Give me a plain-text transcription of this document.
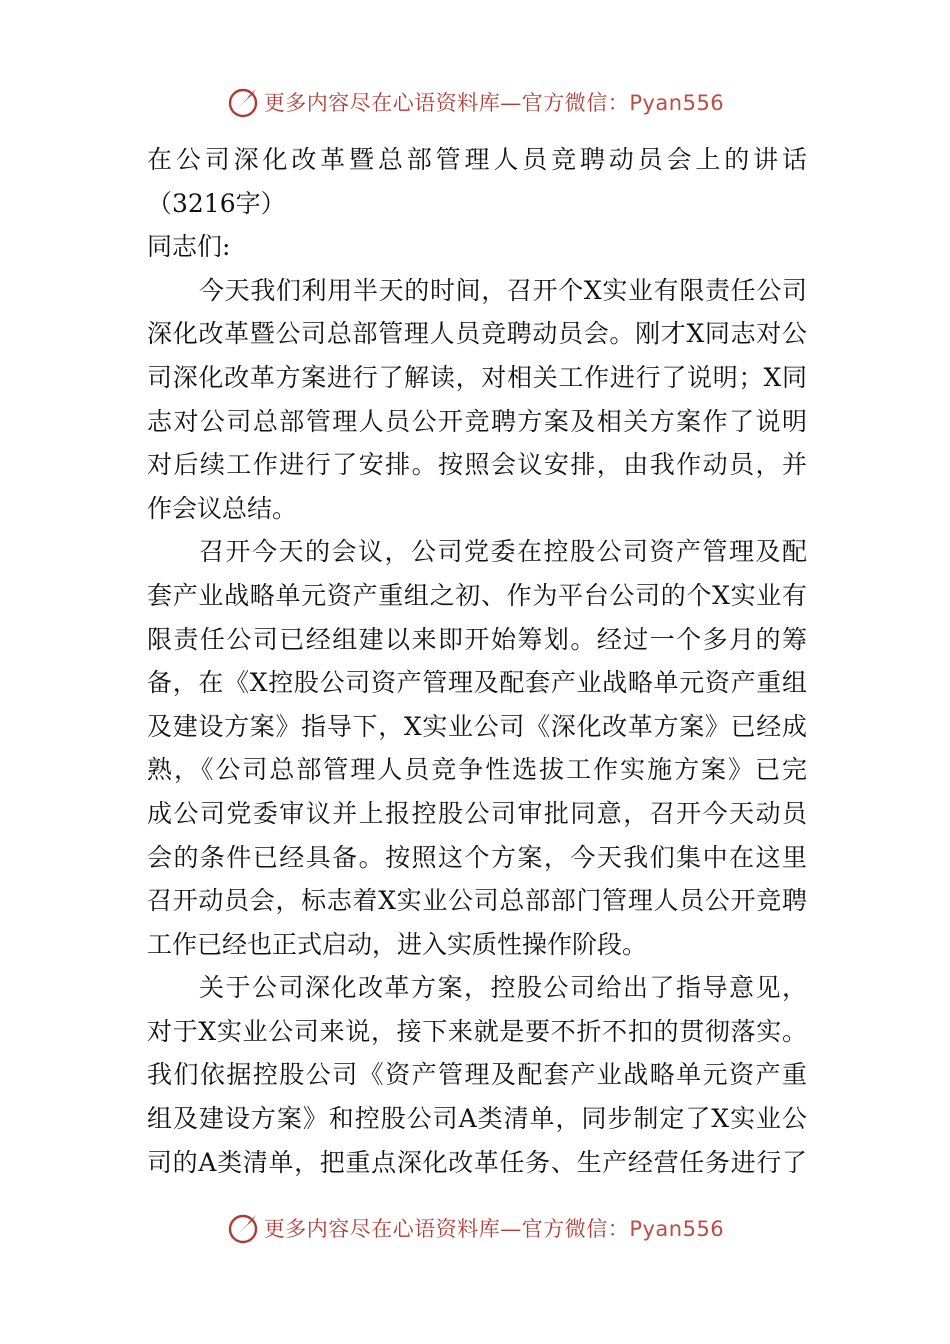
更多内容尽在心语资料库—官方微信：Pyan556
在公司深化改革暨总部管理人员竞聘动员会上的讲话
（3216字）
同志们:
今天我们利用半天的时间，召开个X实业有限责任公司
深化改革暨公司总部管理人员竞聘动员会。刚才X同志对公
司深化改革方案进行了解读，对相关工作进行了说明；X同
志对公司总部管理人员公开竞聘方案及相关方案作了说明
对后续工作进行了安排。按照会议安排，由我作动员，并
作会议总结。
召开今天的会议，公司党委在控股公司资产管理及配
套产业战略单元资产重组之初、作为平台公司的个X实业有
限责任公司已经组建以来即开始筹划。经过一个多月的筹
备，在《X控股公司资产管理及配套产业战略单元资产重组
及建设方案》指导下，X实业公司《深化改革方案》已经成
熟，《公司总部管理人员竞争性选拔工作实施方案》已完
成公司党委审议并上报控股公司审批同意，召开今天动员
会的条件已经具备。按照这个方案，今天我们集中在这里
召开动员会，标志着X实业公司总部部门管理人员公开竞聘
工作已经也正式启动，进入实质性操作阶段。
关于公司深化改革方案，控股公司给出了指导意见，
对于X实业公司来说，接下来就是要不折不扣的贯彻落实。
我们依据控股公司《资产管理及配套产业战略单元资产重
组及建设方案》和控股公司A类清单，同步制定了X实业公
司的A类清单，把重点深化改革任务、生产经营任务进行了
更多内容尽在心语资料库—官方微信：Pyan556
